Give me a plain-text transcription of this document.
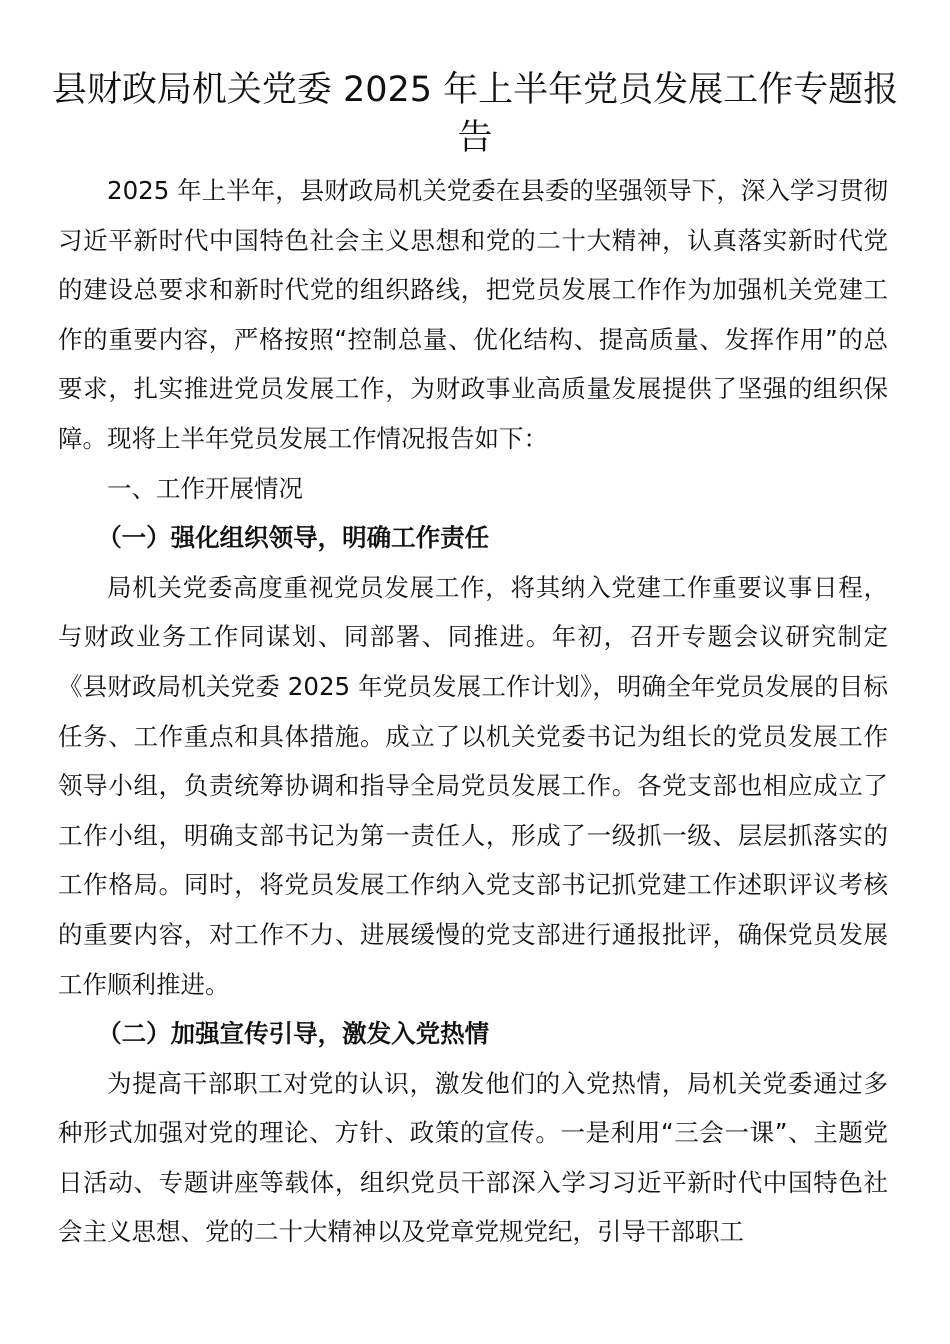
县财政局机关党委 2025 年上半年党员发展工作专题报告

2025 年上半年，县财政局机关党委在县委的坚强领导下，深入学习贯彻习近平新时代中国特色社会主义思想和党的二十大精神，认真落实新时代党的建设总要求和新时代党的组织路线，把党员发展工作作为加强机关党建工作的重要内容，严格按照“控制总量、优化结构、提高质量、发挥作用”的总要求，扎实推进党员发展工作，为财政事业高质量发展提供了坚强的组织保障。现将上半年党员发展工作情况报告如下：

一、工作开展情况

（一）强化组织领导，明确工作责任

局机关党委高度重视党员发展工作，将其纳入党建工作重要议事日程，与财政业务工作同谋划、同部署、同推进。年初，召开专题会议研究制定《县财政局机关党委 2025 年党员发展工作计划》，明确全年党员发展的目标任务、工作重点和具体措施。成立了以机关党委书记为组长的党员发展工作领导小组，负责统筹协调和指导全局党员发展工作。各党支部也相应成立了工作小组，明确支部书记为第一责任人，形成了一级抓一级、层层抓落实的工作格局。同时，将党员发展工作纳入党支部书记抓党建工作述职评议考核的重要内容，对工作不力、进展缓慢的党支部进行通报批评，确保党员发展工作顺利推进。

（二）加强宣传引导，激发入党热情

为提高干部职工对党的认识，激发他们的入党热情，局机关党委通过多种形式加强对党的理论、方针、政策的宣传。一是利用“三会一课”、主题党日活动、专题讲座等载体，组织党员干部深入学习习近平新时代中国特色社会主义思想、党的二十大精神以及党章党规党纪，引导干部职工
